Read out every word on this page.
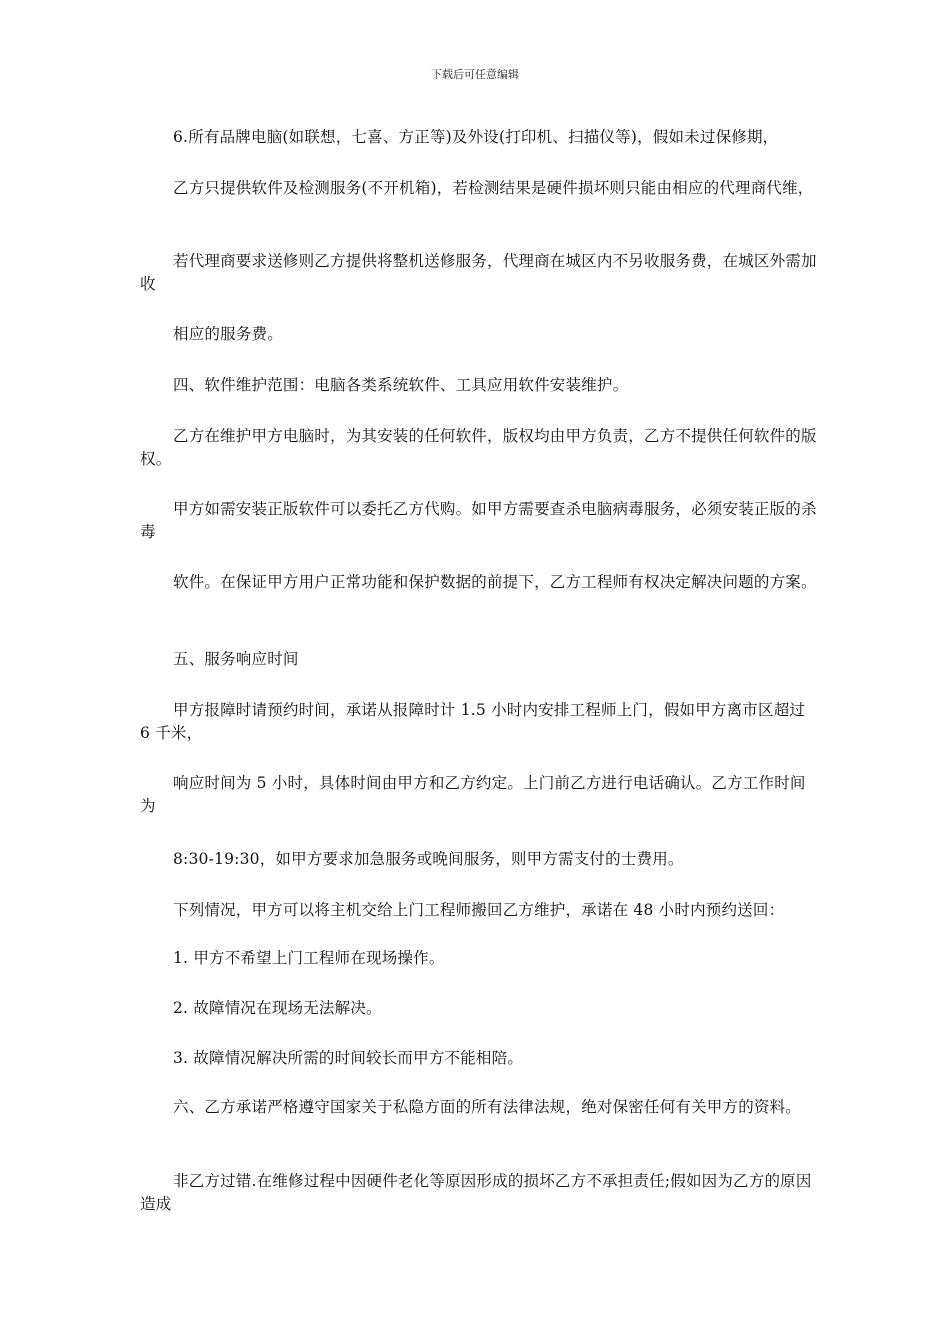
下载后可任意编辑

6.所有品牌电脑(如联想，七喜、方正等)及外设(打印机、扫描仪等)，假如未过保修期，

乙方只提供软件及检测服务(不开机箱)，若检测结果是硬件损坏则只能由相应的代理商代维，

若代理商要求送修则乙方提供将整机送修服务，代理商在城区内不另收服务费，在城区外需加收

相应的服务费。

四、软件维护范围：电脑各类系统软件、工具应用软件安装维护。

乙方在维护甲方电脑时，为其安装的任何软件，版权均由甲方负责，乙方不提供任何软件的版权。

甲方如需安装正版软件可以委托乙方代购。如甲方需要查杀电脑病毒服务，必须安装正版的杀毒

软件。在保证甲方用户正常功能和保护数据的前提下，乙方工程师有权决定解决问题的方案。

五、服务响应时间

甲方报障时请预约时间，承诺从报障时计 1.5 小时内安排工程师上门，假如甲方离市区超过 6 千米，

响应时间为 5 小时，具体时间由甲方和乙方约定。上门前乙方进行电话确认。乙方工作时间为

8:30-19:30，如甲方要求加急服务或晚间服务，则甲方需支付的士费用。

下列情况，甲方可以将主机交给上门工程师搬回乙方维护，承诺在 48 小时内预约送回：

1. 甲方不希望上门工程师在现场操作。

2. 故障情况在现场无法解决。

3. 故障情况解决所需的时间较长而甲方不能相陪。

六、乙方承诺严格遵守国家关于私隐方面的所有法律法规，绝对保密任何有关甲方的资料。

非乙方过错.在维修过程中因硬件老化等原因形成的损坏乙方不承担责任;假如因为乙方的原因造成
